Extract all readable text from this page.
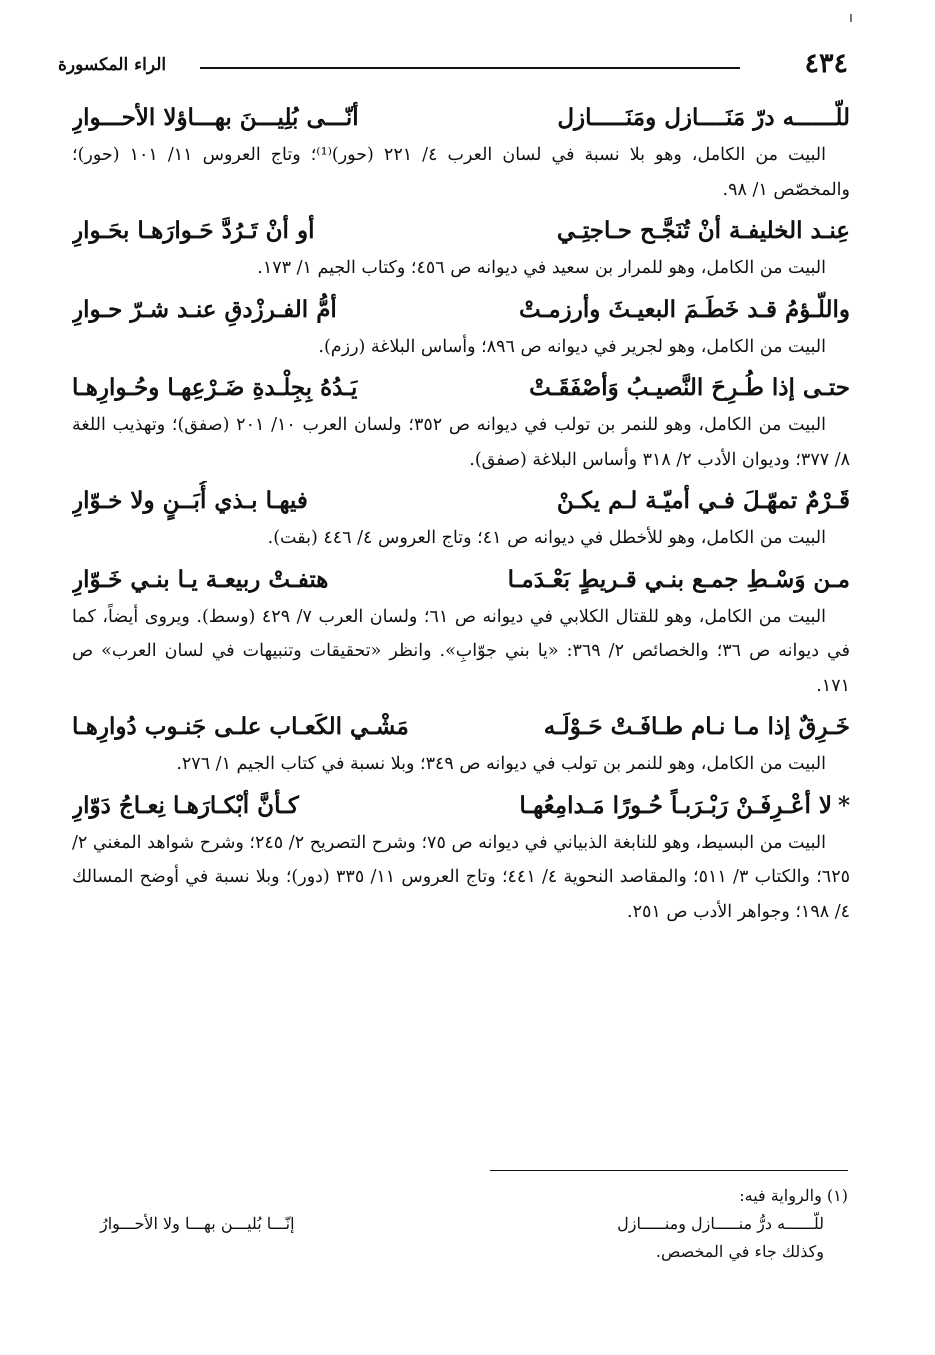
٤٣٤
الراء المكسورة
للّــــــه درّ مَنَــــازل ومَنَـــــازل
أنّـــى بُلِيـــنَ بهـــاؤلا الأحـــوارِ

البيت من الكامل، وهو بلا نسبة في لسان العرب ٤/ ٢٢١ (حور)⁽¹⁾؛ وتاج العروس ١١/ ١٠١ (حور)؛ والمخصّص ١/ ٩٨.

عِنـد الخليفـة أنْ تُنَجَّـح حـاجتِـي
أو أنْ تَـرُدَّ حَـوارَهـا بحَـوارِ

البيت من الكامل، وهو للمرار بن سعيد في ديوانه ص ٤٥٦؛ وكتاب الجيم ١/ ١٧٣.

واللّـؤمُ قـد خَطَـمَ البعيـثَ وأرزمـتْ
أمُّ الفـرزْدقِ عنـد شـرّ حـوارِ

البيت من الكامل، وهو لجرير في ديوانه ص ٨٩٦؛ وأساس البلاغة (رزم).

حتـى إذا طُـرِحَ النَّصيـبُ وَأصْفَقَـتْ
يَـدُهُ بِجِلْـدةِ ضَـرْعِهـا وحُـوارِهـا

البيت من الكامل، وهو للنمر بن تولب في ديوانه ص ٣٥٢؛ ولسان العرب ١٠/ ٢٠١ (صفق)؛ وتهذيب اللغة ٨/ ٣٧٧؛ وديوان الأدب ٢/ ٣١٨ وأساس البلاغة (صفق).

قَـرْمٌ تمهّـلَ فـي أميّـة لـم يكـنْ
فيهـا بـذي أُبَــنٍ ولا خـوّارِ

البيت من الكامل، وهو للأخطل في ديوانه ص ٤١؛ وتاج العروس ٤/ ٤٤٦ (بقت).

مـن وَسْـطِ جمـع بنـي قـريطٍ بَعْـدَمـا
هتفـتْ ربيعـة يـا بنـي خَـوّارِ

البيت من الكامل، وهو للقتال الكلابي في ديوانه ص ٦١؛ ولسان العرب ٧/ ٤٢٩ (وسط). ويروى أيضاً، كما في ديوانه ص ٣٦؛ والخصائص ٢/ ٣٦٩: «يا بني جوّابِ». وانظر «تحقيقات وتنبيهات في لسان العرب» ص ١٧١.

خَـرِقٌ إذا مـا نـام طـافَـتْ حَـوْلَـه
مَشْـي الكَعـاب علـى جَنـوب دُوارِهـا

البيت من الكامل، وهو للنمر بن تولب في ديوانه ص ٣٤٩؛ وبلا نسبة في كتاب الجيم ١/ ٢٧٦.

*لا أعْـرِفَـنْ رَبْـرَبـاً حُـورًا مَـدامِعُهـا
كـأنَّ أبْكـارَهـا نِعـاجُ دَوّارِ

البيت من البسيط، وهو للنابغة الذبياني في ديوانه ص ٧٥؛ وشرح التصريح ٢/ ٢٤٥؛ وشرح شواهد المغني ٢/ ٦٢٥؛ والكتاب ٣/ ٥١١؛ والمقاصد النحوية ٤/ ٤٤١؛ وتاج العروس ١١/ ٣٣٥ (دور)؛ وبلا نسبة في أوضح المسالك ٤/ ١٩٨؛ وجواهر الأدب ص ٢٥١.

(١) والرواية فيه:
للّــــــه درُّ منـــــازل ومنـــــازل
إنّـــا بُليـــن بهـــا ولا الأحـــوارُ
وكذلك جاء في المخصص.
